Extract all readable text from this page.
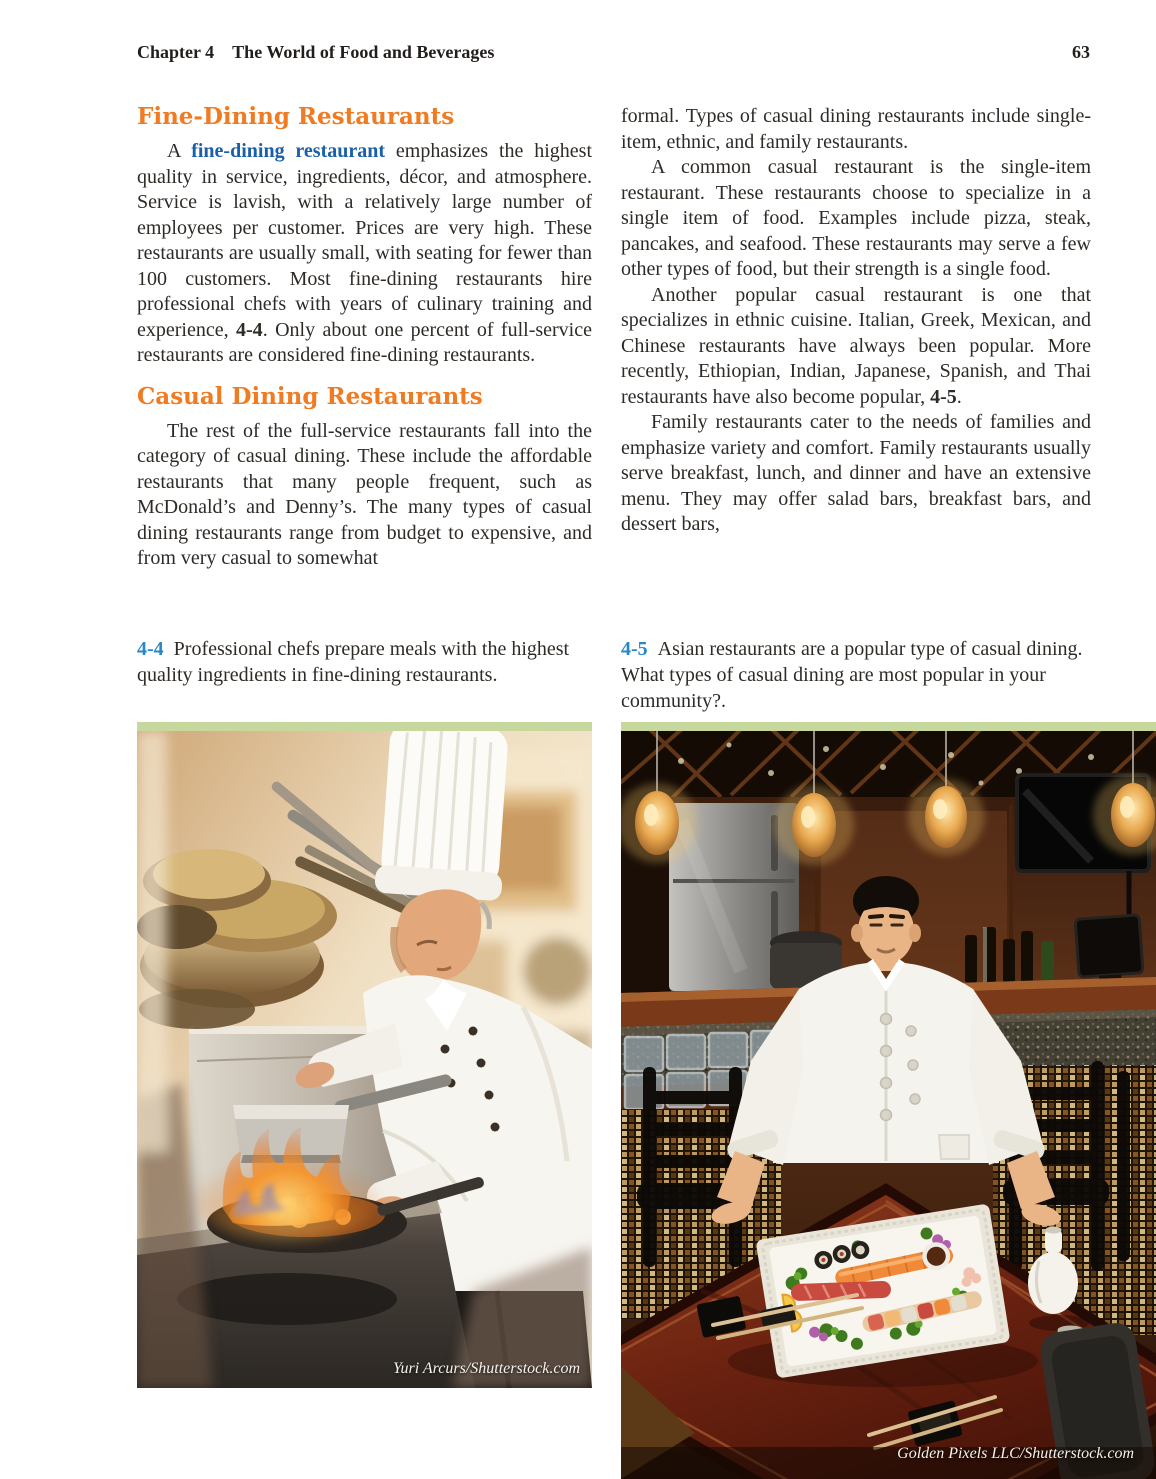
Chapter 4 The World of Food and Beverages	63
Fine-Dining Restaurants

A fine-dining restaurant emphasizes the highest quality in service, ingredients, décor, and atmosphere. Service is lavish, with a relatively large number of employees per customer. Prices are very high. These restaurants are usually small, with seating for fewer than 100 customers. Most fine-dining restaurants hire professional chefs with years of culinary training and experience, 4-4. Only about one percent of full-service restaurants are considered fine-dining restaurants.

Casual Dining Restaurants

The rest of the full-service restaurants fall into the category of casual dining. These include the affordable restaurants that many people frequent, such as McDonald’s and Denny’s. The many types of casual dining restaurants range from budget to expensive, and from very casual to somewhat

formal. Types of casual dining restaurants include single-item, ethnic, and family restaurants.

A common casual restaurant is the single-item restaurant. These restaurants choose to specialize in a single item of food. Examples include pizza, steak, pancakes, and seafood. These restaurants may serve a few other types of food, but their strength is a single food.

Another popular casual restaurant is one that specializes in ethnic cuisine. Italian, Greek, Mexican, and Chinese restaurants have always been popular. More recently, Ethiopian, Indian, Japanese, Spanish, and Thai restaurants have also become popular, 4-5.

Family restaurants cater to the needs of families and emphasize variety and comfort. Family restaurants usually serve breakfast, lunch, and dinner and have an extensive menu. They may offer salad bars, breakfast bars, and dessert bars,

4-4 Professional chefs prepare meals with the highest quality ingredients in fine-dining restaurants.
4-5 Asian restaurants are a popular type of casual dining. What types of casual dining are most popular in your community?.
Yuri Arcurs/Shutterstock.com
Golden Pixels LLC/Shutterstock.com
